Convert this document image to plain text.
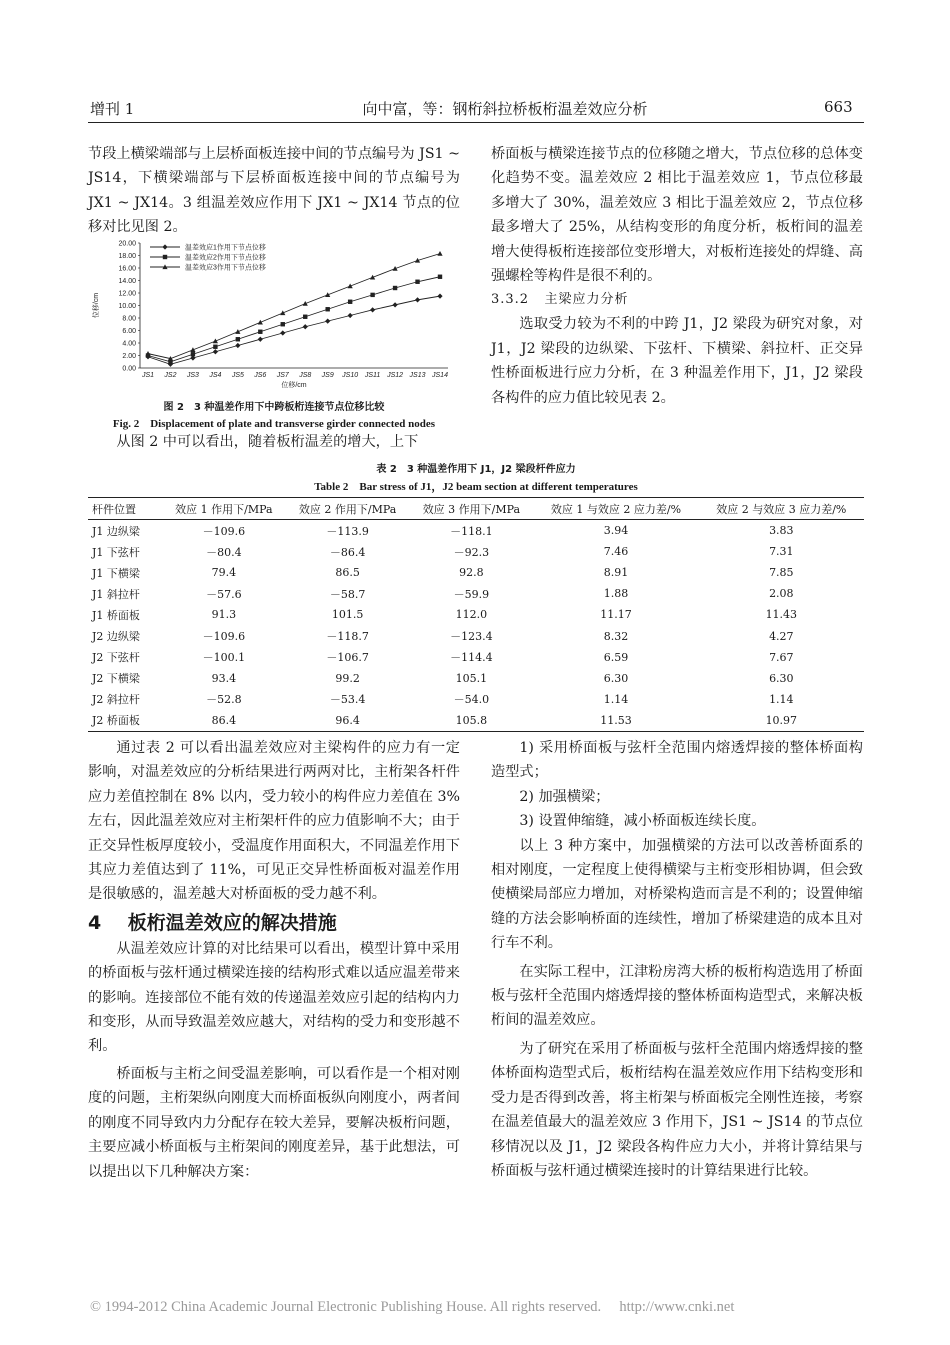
增刊 1	向中富，等：钢桁斜拉桥板桁温差效应分析	663

节段上横梁端部与上层桥面板连接中间的节点编号为 JS1 ~ JS14，下横梁端部与下层桥面板连接中间的节点编号为 JX1 ~ JX14。3 组温差效应作用下 JX1 ~ JX14 节点的位移对比见图 2。

0.00
2.00
4.00
6.00
8.00
10.00
12.00
14.00
16.00
18.00
20.00
JS1 JS2 JS3 JS4 JS5 JS6 JS7 JS8 JS9 JS10 JS11 JS12 JS13 JS14
位移/cm
位移/cm
温差效应1作用下节点位移
温差效应2作用下节点位移
温差效应3作用下节点位移
图 2　3 种温差作用下中跨板桁连接节点位移比较
Fig. 2　Displacement of plate and transverse girder connected nodes

从图 2 中可以看出，随着板桁温差的增大，上下

桥面板与横梁连接节点的位移随之增大，节点位移的总体变化趋势不变。温差效应 2 相比于温差效应 1，节点位移最多增大了 30%，温差效应 3 相比于温差效应 2，节点位移最多增大了 25%，从结构变形的角度分析，板桁间的温差增大使得板桁连接部位变形增大，对板桁连接处的焊缝、高强螺栓等构件是很不利的。

3.3.2 主梁应力分析

选取受力较为不利的中跨 J1，J2 梁段为研究对象，对 J1，J2 梁段的边纵梁、下弦杆、下横梁、斜拉杆、正交异性桥面板进行应力分析，在 3 种温差作用下，J1，J2 梁段各构件的应力值比较见表 2。

表 2　3 种温差作用下 J1，J2 梁段杆件应力
Table 2　Bar stress of J1，J2 beam section at different temperatures
杆件位置	效应 1 作用下/MPa	效应 2 作用下/MPa	效应 3 作用下/MPa	效应 1 与效应 2 应力差/%	效应 2 与效应 3 应力差/%
J1 边纵梁	－109.6	－113.9	－118.1	3.94	3.83
J1 下弦杆	－80.4	－86.4	－92.3	7.46	7.31
J1 下横梁	79.4	86.5	92.8	8.91	7.85
J1 斜拉杆	－57.6	－58.7	－59.9	1.88	2.08
J1 桥面板	91.3	101.5	112.0	11.17	11.43
J2 边纵梁	－109.6	－118.7	－123.4	8.32	4.27
J2 下弦杆	－100.1	－106.7	－114.4	6.59	7.67
J2 下横梁	93.4	99.2	105.1	6.30	6.30
J2 斜拉杆	－52.8	－53.4	－54.0	1.14	1.14
J2 桥面板	86.4	96.4	105.8	11.53	10.97

通过表 2 可以看出温差效应对主梁构件的应力有一定影响，对温差效应的分析结果进行两两对比，主桁架各杆件应力差值控制在 8% 以内，受力较小的构件应力差值在 3% 左右，因此温差效应对主桁架杆件的应力值影响不大；由于正交异性板厚度较小，受温度作用面积大，不同温差作用下其应力差值达到了 11%，可见正交异性桥面板对温差作用是很敏感的，温差越大对桥面板的受力越不利。

4 板桁温差效应的解决措施

从温差效应计算的对比结果可以看出，模型计算中采用的桥面板与弦杆通过横梁连接的结构形式难以适应温差带来的影响。连接部位不能有效的传递温差效应引起的结构内力和变形，从而导致温差效应越大，对结构的受力和变形越不利。

桥面板与主桁之间受温差影响，可以看作是一个相对刚度的问题，主桁架纵向刚度大而桥面板纵向刚度小，两者间的刚度不同导致内力分配存在较大差异，要解决板桁问题，主要应减小桥面板与主桁架间的刚度差异，基于此想法，可以提出以下几种解决方案：

1) 采用桥面板与弦杆全范围内熔透焊接的整体桥面构造型式；

2) 加强横梁；

3) 设置伸缩缝，减小桥面板连续长度。

以上 3 种方案中，加强横梁的方法可以改善桥面系的相对刚度，一定程度上使得横梁与主桁变形相协调，但会致使横梁局部应力增加，对桥梁构造而言是不利的；设置伸缩缝的方法会影响桥面的连续性，增加了桥梁建造的成本且对行车不利。

在实际工程中，江津粉房湾大桥的板桁构造选用了桥面板与弦杆全范围内熔透焊接的整体桥面构造型式，来解决板桁间的温差效应。

为了研究在采用了桥面板与弦杆全范围内熔透焊接的整体桥面构造型式后，板桁结构在温差效应作用下结构变形和受力是否得到改善，将主桁架与桥面板完全刚性连接，考察在温差值最大的温差效应 3 作用下，JS1 ~ JS14 的节点位移情况以及 J1，J2 梁段各构件应力大小，并将计算结果与桥面板与弦杆通过横梁连接时的计算结果进行比较。

© 1994-2012 China Academic Journal Electronic Publishing House. All rights reserved. http://www.cnki.net
